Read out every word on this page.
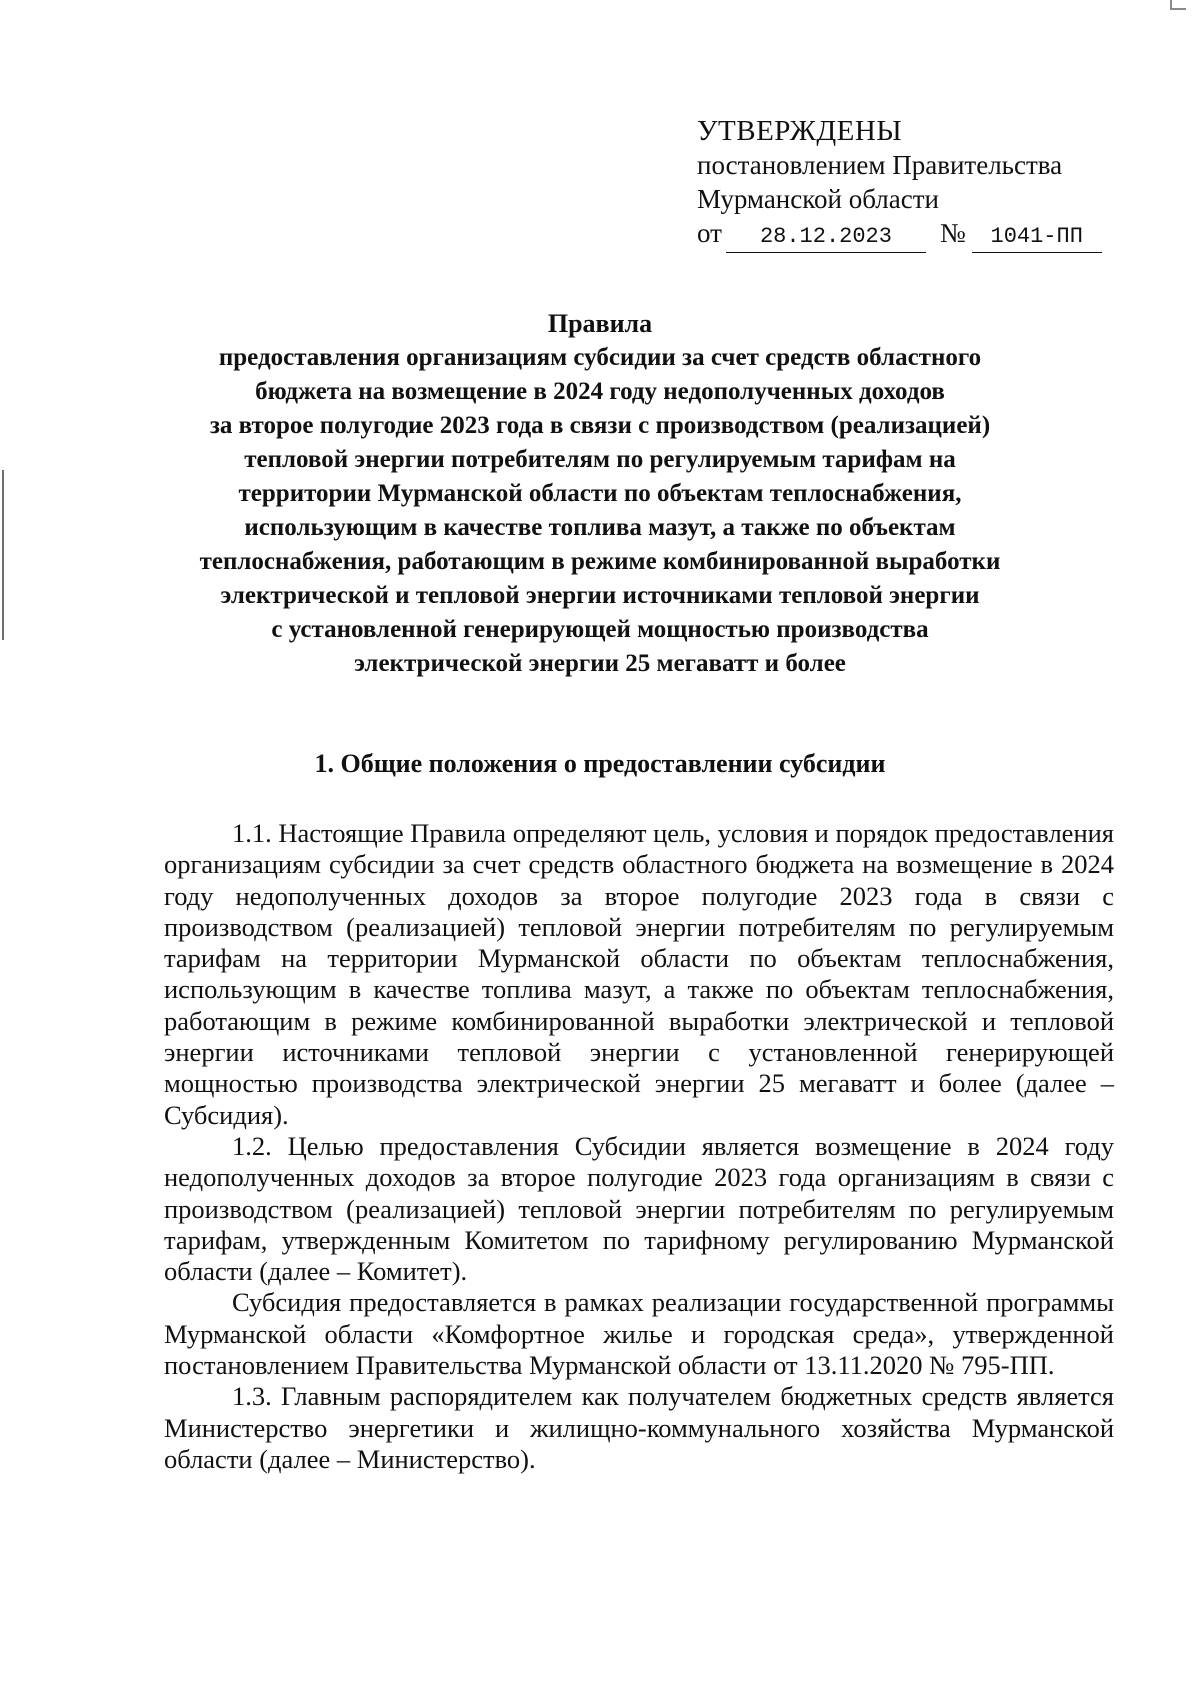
УТВЕРЖДЕНЫ
постановлением Правительства
Мурманской области
от 28.12.2023 № 1041-ПП
Правила
предоставления организациям субсидии за счет средств областного
бюджета на возмещение в 2024 году недополученных доходов
за второе полугодие 2023 года в связи с производством (реализацией)
тепловой энергии потребителям по регулируемым тарифам на
территории Мурманской области по объектам теплоснабжения,
использующим в качестве топлива мазут, а также по объектам
теплоснабжения, работающим в режиме комбинированной выработки
электрической и тепловой энергии источниками тепловой энергии
с установленной генерирующей мощностью производства
электрической энергии 25 мегаватт и более
1. Общие положения о предоставлении субсидии

1.1. Настоящие Правила определяют цель, условия и порядок предоставления организациям субсидии за счет средств областного бюджета на возмещение в 2024 году недополученных доходов за второе полугодие 2023 года в связи с производством (реализацией) тепловой энергии потребителям по регулируемым тарифам на территории Мурманской области по объектам теплоснабжения, использующим в качестве топлива мазут, а также по объектам теплоснабжения, работающим в режиме комбинированной выработки электрической и тепловой энергии источниками тепловой энергии с установленной генерирующей мощностью производства электрической энергии 25 мегаватт и более (далее – Субсидия).

1.2. Целью предоставления Субсидии является возмещение в 2024 году недополученных доходов за второе полугодие 2023 года организациям в связи с производством (реализацией) тепловой энергии потребителям по регулируемым тарифам, утвержденным Комитетом по тарифному регулированию Мурманской области (далее – Комитет).

Субсидия предоставляется в рамках реализации государственной программы Мурманской области «Комфортное жилье и городская среда», утвержденной постановлением Правительства Мурманской области от 13.11.2020 № 795-ПП.

1.3. Главным распорядителем как получателем бюджетных средств является Министерство энергетики и жилищно-коммунального хозяйства Мурманской области (далее – Министерство).
